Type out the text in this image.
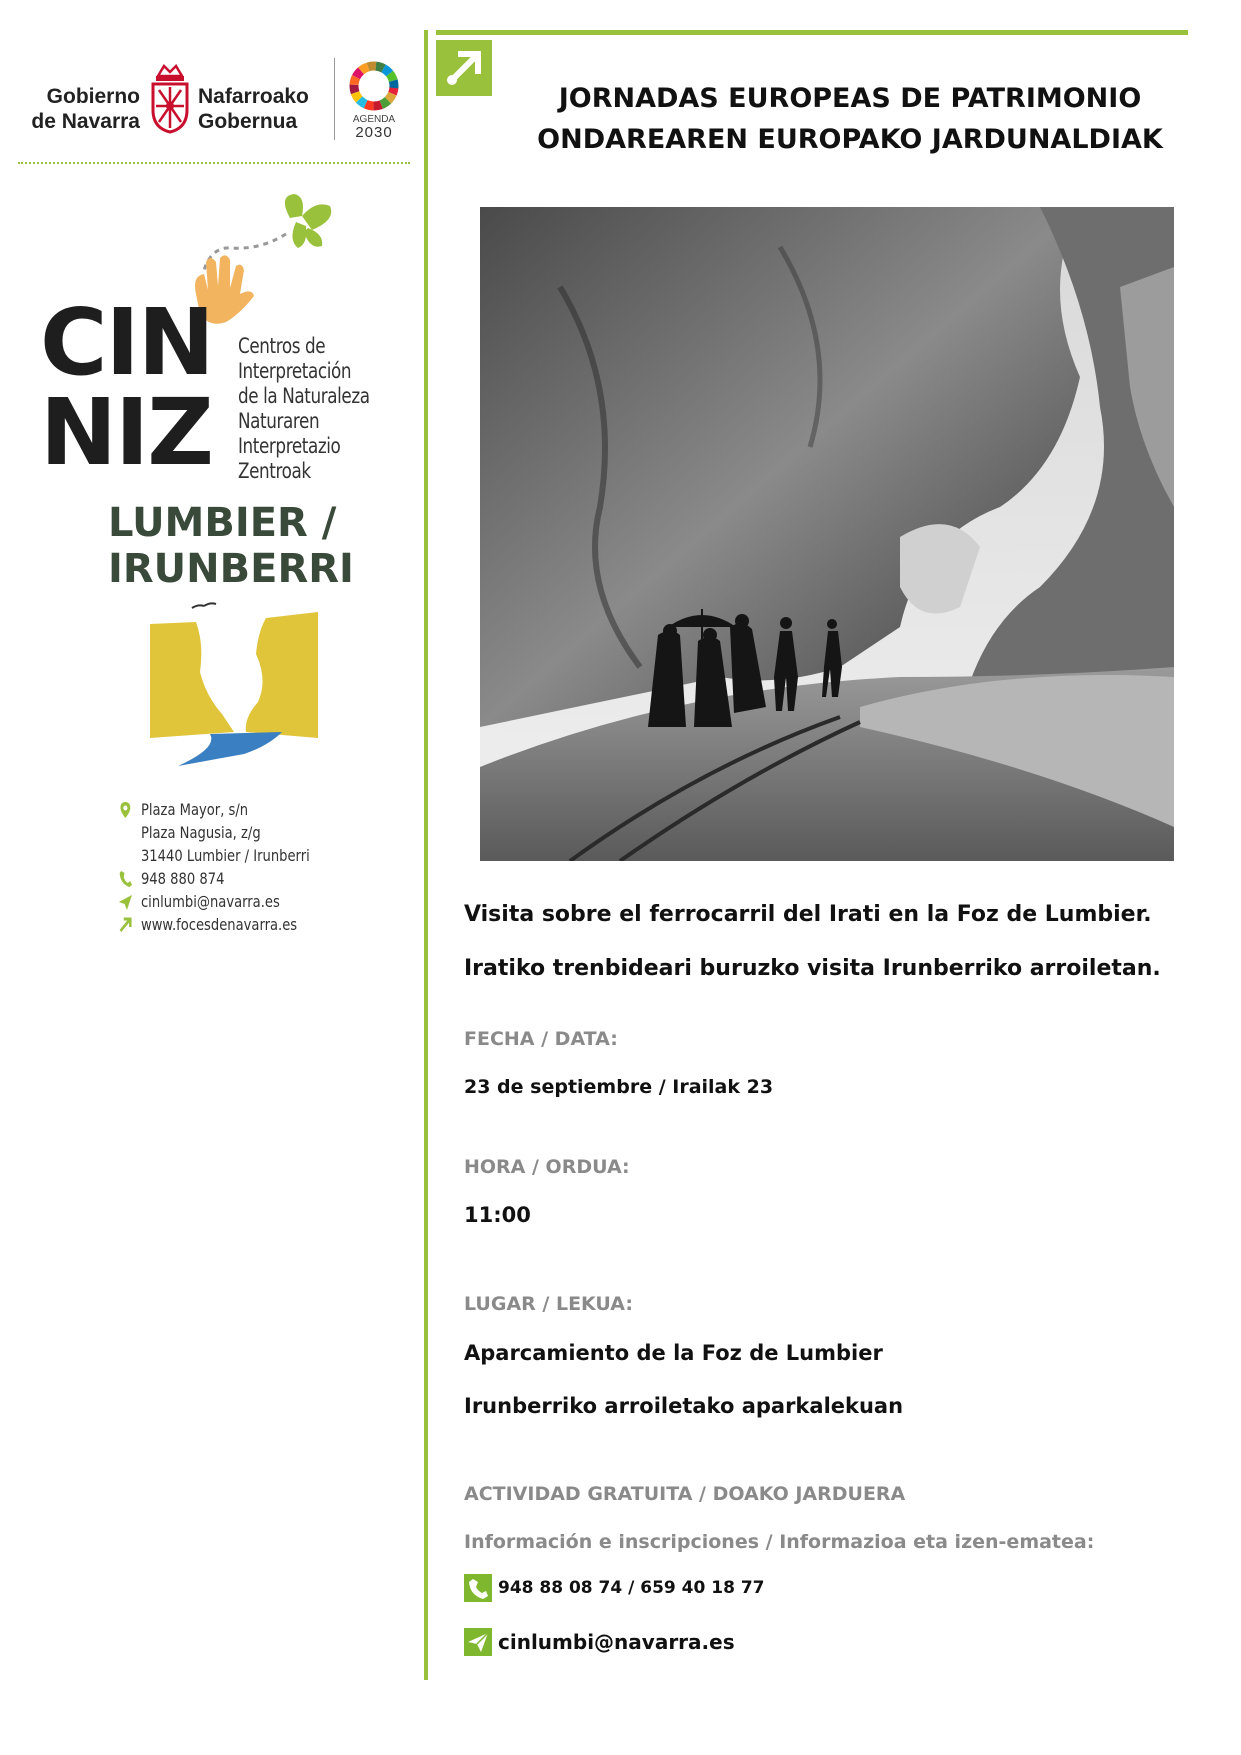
Gobierno
de Navarra
Nafarroako
Gobernua	AGENDA
2030
CIN
NIZ
Centros de
Interpretación
de la Naturaleza
Naturaren
Interpretazio
Zentroak
LUMBIER /
IRUNBERRI
Plaza Mayor, s/n
Plaza Nagusia, z/g
31440 Lumbier / Irunberri
948 880 874
cinlumbi@navarra.es
www.focesdenavarra.es
JORNADAS EUROPEAS DE PATRIMONIO
ONDAREAREN EUROPAKO JARDUNALDIAK
Visita sobre el ferrocarril del Irati en la Foz de Lumbier.
Iratiko trenbideari buruzko visita Irunberriko arroiletan.
FECHA / DATA:
23 de septiembre / Irailak 23
HORA / ORDUA:
11:00
LUGAR / LEKUA:
Aparcamiento de la Foz de Lumbier
Irunberriko arroiletako aparkalekuan
ACTIVIDAD GRATUITA / DOAKO JARDUERA
Información e inscripciones / Informazioa eta izen-ematea:
948 88 08 74 / 659 40 18 77
cinlumbi@navarra.es
